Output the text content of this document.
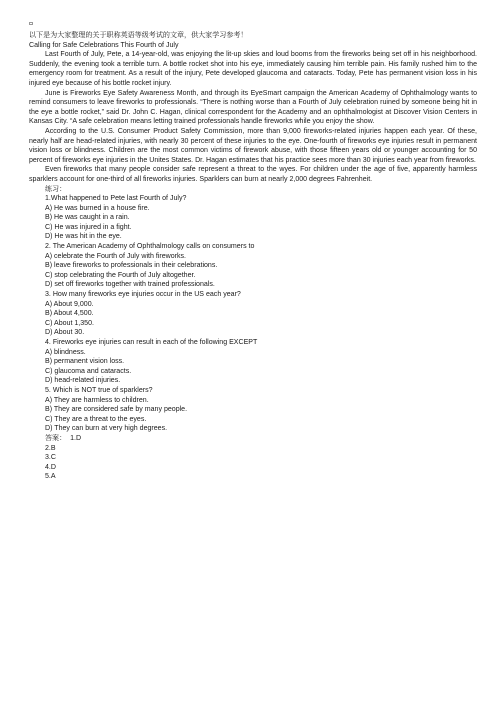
以下是为大家整理的关于职称英语等级考试的文章，供大家学习参考！
Calling for Safe Celebrations This Fourth of July

Last Fourth of July, Pete, a 14-year-old, was enjoying the lit-up skies and loud booms from the fireworks being set off in his neighborhood. Suddenly, the evening took a terrible turn. A bottle rocket shot into his eye, immediately causing him terrible pain. His family rushed him to the emergency room for treatment. As a result of the injury, Pete developed glaucoma and cataracts. Today, Pete has permanent vision loss in his injured eye because of his bottle rocket injury.

June is Fireworks Eye Safety Awareness Month, and through its EyeSmart campaign the American Academy of Ophthalmology wants to remind consumers to leave fireworks to professionals. “There is nothing worse than a Fourth of July celebration ruined by someone being hit in the eye a bottle rocket,” said Dr. John C. Hagan, clinical correspondent for the Academy and an ophthalmologist at Discover Vision Centers in Kansas City. “A safe celebration means letting trained professionals handle fireworks while you enjoy the show.

According to the U.S. Consumer Product Safety Commission, more than 9,000 fireworks-related injuries happen each year. Of these, nearly half are head-related injuries, with nearly 30 percent of these injuries to the eye. One-fourth of fireworks eye injuries result in permanent vision loss or blindness. Children are the most common victims of firework abuse, with those fifteen years old or younger accounting for 50 percent of fireworks eye injuries in the Unites States. Dr. Hagan estimates that his practice sees more than 30 injuries each year from fireworks.

Even fireworks that many people consider safe represent a threat to the wyes. For children under the age of five, apparently harmless sparklers account for one-third of all fireworks injuries. Sparklers can burn at nearly 2,000 degrees Fahrenheit.

练习：
1.What happened to Pete last Fourth of July?
A) He was burned in a house fire.
B) He was caught in a rain.
C) He was injured in a fight.
D) He was hit in the eye.
2. The American Academy of Ophthalmology calls on consumers to
A) celebrate the Fourth of July with fireworks.
B) leave fireworks to professionals in their celebrations.
C) stop celebrating the Fourth of July altogether.
D) set off fireworks together with trained professionals.
3. How many fireworks eye injuries occur in the US each year?
A) About 9,000.
B) About 4,500.
C) About 1,350.
D) About 30.
4. Fireworks eye injuries can result in each of the following EXCEPT
A) blindness.
B) permanent vision loss.
C) glaucoma and cataracts.
D) head-related injuries.
5. Which is NOT true of sparklers?
A) They are harmless to children.
B) They are considered safe by many people.
C) They are a threat to the eyes.
D) They can burn at very high degrees.
答案： 1.D
2.B
3.C
4.D
5.A
